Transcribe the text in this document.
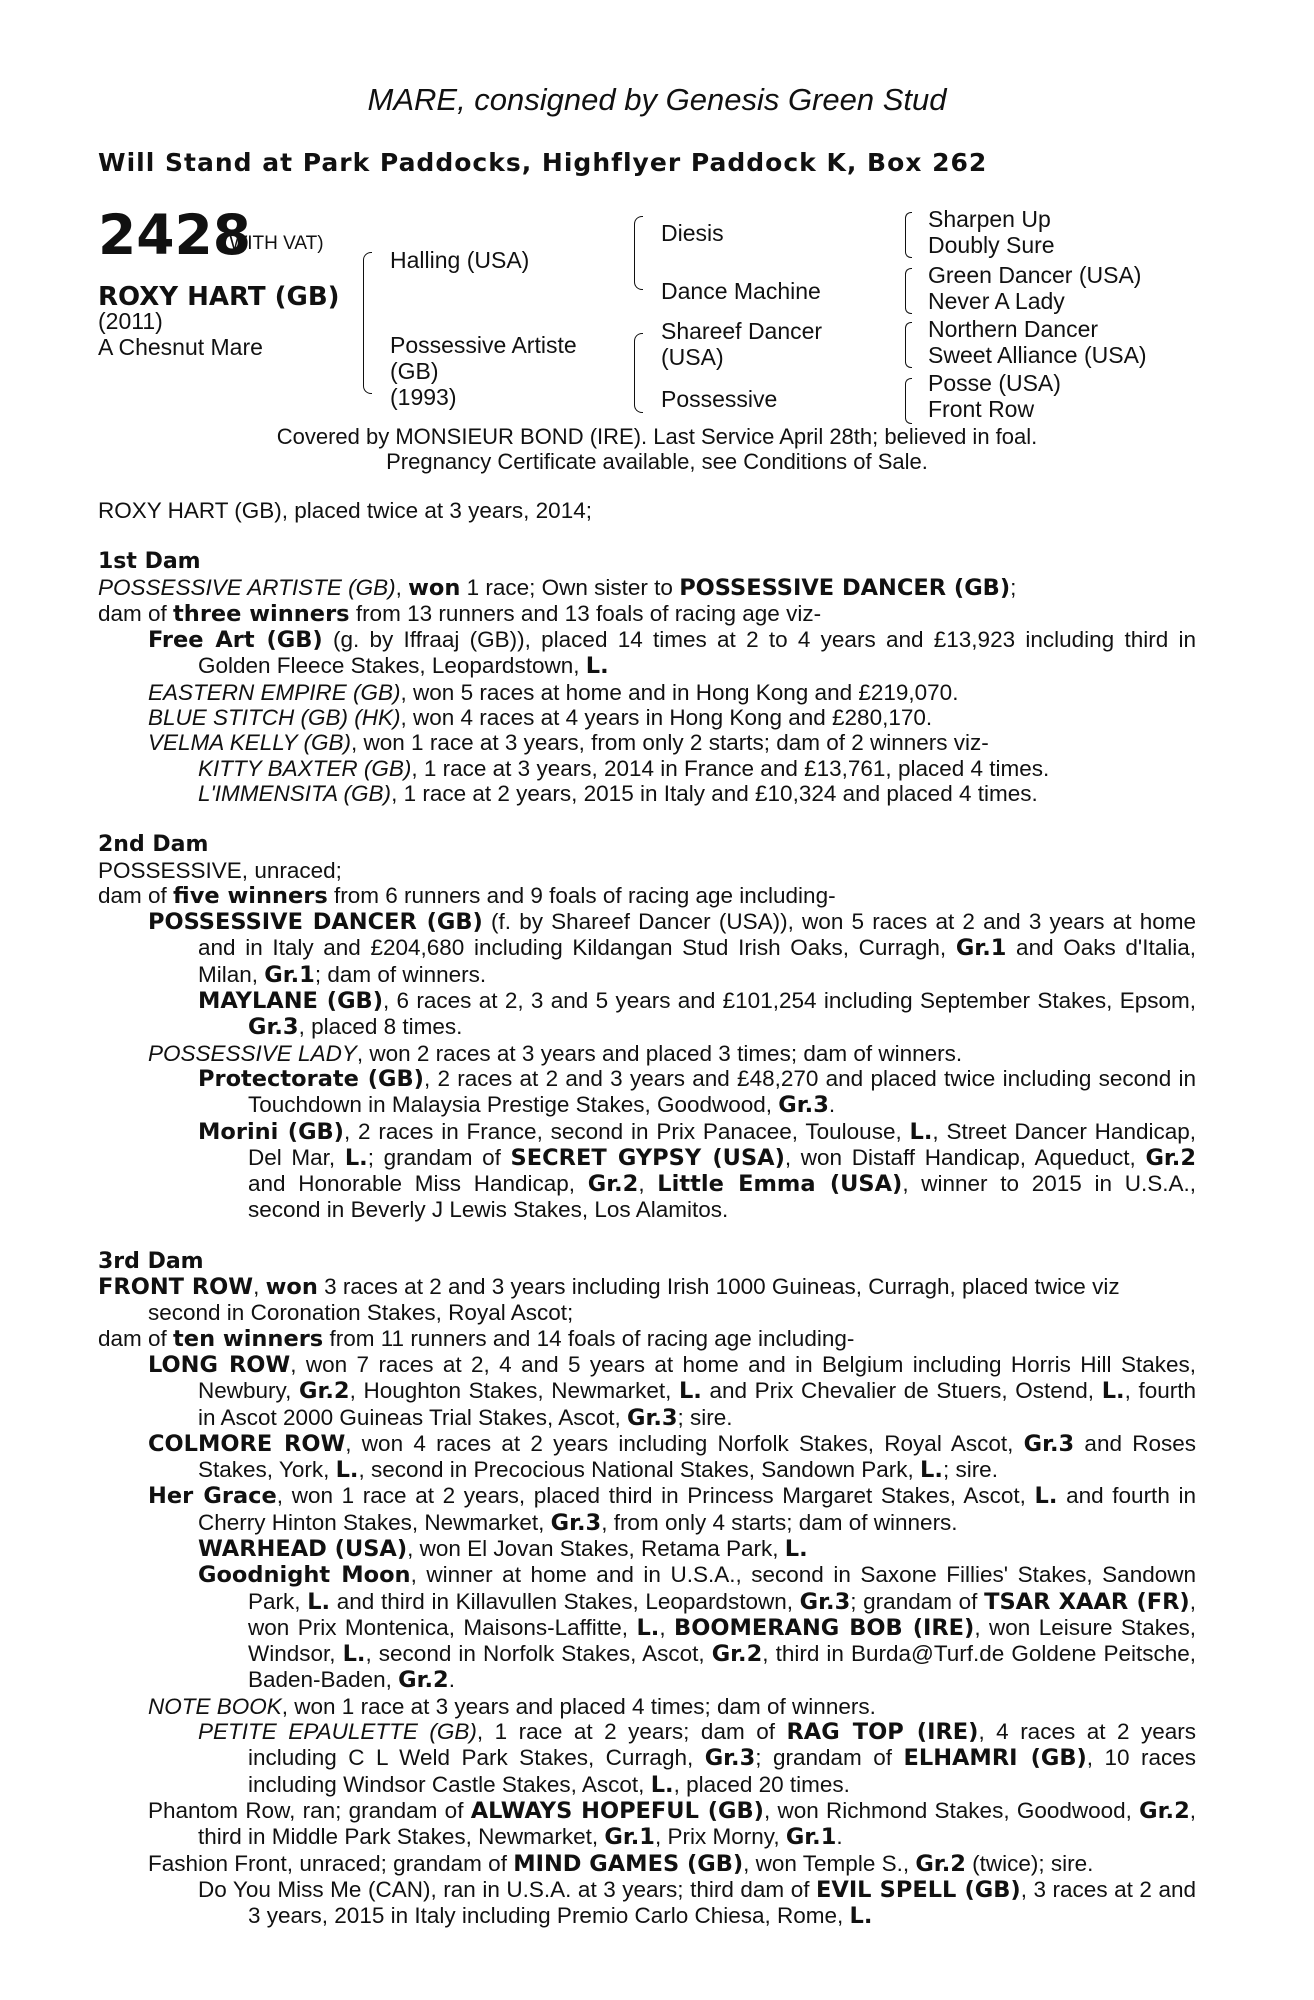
MARE, consigned by Genesis Green Stud
Will Stand at Park Paddocks, Highflyer Paddock K, Box 262
2428
(WITH VAT)
ROXY HART (GB)
(2011)
A Chesnut Mare
Halling (USA)
Possessive Artiste
(GB)
(1993)
Diesis
Dance Machine
Shareef Dancer
(USA)
Possessive
Sharpen Up
Doubly Sure
Green Dancer (USA)
Never A Lady
Northern Dancer
Sweet Alliance (USA)
Posse (USA)
Front Row
Covered by MONSIEUR BOND (IRE). Last Service April 28th; believed in foal.
Pregnancy Certificate available, see Conditions of Sale.

ROXY HART (GB), placed twice at 3 years, 2014;

1st Dam

POSSESSIVE ARTISTE (GB), won 1 race; Own sister to POSSESSIVE DANCER (GB);

dam of three winners from 13 runners and 13 foals of racing age viz-

Free Art (GB) (g. by Iffraaj (GB)), placed 14 times at 2 to 4 years and £13,923 including third in Golden Fleece Stakes, Leopardstown, L.

EASTERN EMPIRE (GB), won 5 races at home and in Hong Kong and £219,070.

BLUE STITCH (GB) (HK), won 4 races at 4 years in Hong Kong and £280,170.

VELMA KELLY (GB), won 1 race at 3 years, from only 2 starts; dam of 2 winners viz-

KITTY BAXTER (GB), 1 race at 3 years, 2014 in France and £13,761, placed 4 times.

L'IMMENSITA (GB), 1 race at 2 years, 2015 in Italy and £10,324 and placed 4 times.

2nd Dam

POSSESSIVE, unraced;

dam of five winners from 6 runners and 9 foals of racing age including-

POSSESSIVE DANCER (GB) (f. by Shareef Dancer (USA)), won 5 races at 2 and 3 years at home and in Italy and £204,680 including Kildangan Stud Irish Oaks, Curragh, Gr.1 and Oaks d'Italia, Milan, Gr.1; dam of winners.

MAYLANE (GB), 6 races at 2, 3 and 5 years and £101,254 including September Stakes, Epsom, Gr.3, placed 8 times.

POSSESSIVE LADY, won 2 races at 3 years and placed 3 times; dam of winners.

Protectorate (GB), 2 races at 2 and 3 years and £48,270 and placed twice including second in Touchdown in Malaysia Prestige Stakes, Goodwood, Gr.3.

Morini (GB), 2 races in France, second in Prix Panacee, Toulouse, L., Street Dancer Handicap, Del Mar, L.; grandam of SECRET GYPSY (USA), won Distaff Handicap, Aqueduct, Gr.2 and Honorable Miss Handicap, Gr.2, Little Emma (USA), winner to 2015 in U.S.A., second in Beverly J Lewis Stakes, Los Alamitos.

3rd Dam

FRONT ROW, won 3 races at 2 and 3 years including Irish 1000 Guineas, Curragh, placed twice viz second in Coronation Stakes, Royal Ascot;

dam of ten winners from 11 runners and 14 foals of racing age including-

LONG ROW, won 7 races at 2, 4 and 5 years at home and in Belgium including Horris Hill Stakes, Newbury, Gr.2, Houghton Stakes, Newmarket, L. and Prix Chevalier de Stuers, Ostend, L., fourth in Ascot 2000 Guineas Trial Stakes, Ascot, Gr.3; sire.

COLMORE ROW, won 4 races at 2 years including Norfolk Stakes, Royal Ascot, Gr.3 and Roses Stakes, York, L., second in Precocious National Stakes, Sandown Park, L.; sire.

Her Grace, won 1 race at 2 years, placed third in Princess Margaret Stakes, Ascot, L. and fourth in Cherry Hinton Stakes, Newmarket, Gr.3, from only 4 starts; dam of winners.

WARHEAD (USA), won El Jovan Stakes, Retama Park, L.

Goodnight Moon, winner at home and in U.S.A., second in Saxone Fillies' Stakes, Sandown Park, L. and third in Killavullen Stakes, Leopardstown, Gr.3; grandam of TSAR XAAR (FR), won Prix Montenica, Maisons-Laffitte, L., BOOMERANG BOB (IRE), won Leisure Stakes, Windsor, L., second in Norfolk Stakes, Ascot, Gr.2, third in Burda@Turf.de Goldene Peitsche, Baden-Baden, Gr.2.

NOTE BOOK, won 1 race at 3 years and placed 4 times; dam of winners.

PETITE EPAULETTE (GB), 1 race at 2 years; dam of RAG TOP (IRE), 4 races at 2 years including C L Weld Park Stakes, Curragh, Gr.3; grandam of ELHAMRI (GB), 10 races including Windsor Castle Stakes, Ascot, L., placed 20 times.

Phantom Row, ran; grandam of ALWAYS HOPEFUL (GB), won Richmond Stakes, Goodwood, Gr.2, third in Middle Park Stakes, Newmarket, Gr.1, Prix Morny, Gr.1.

Fashion Front, unraced; grandam of MIND GAMES (GB), won Temple S., Gr.2 (twice); sire.

Do You Miss Me (CAN), ran in U.S.A. at 3 years; third dam of EVIL SPELL (GB), 3 races at 2 and 3 years, 2015 in Italy including Premio Carlo Chiesa, Rome, L.
